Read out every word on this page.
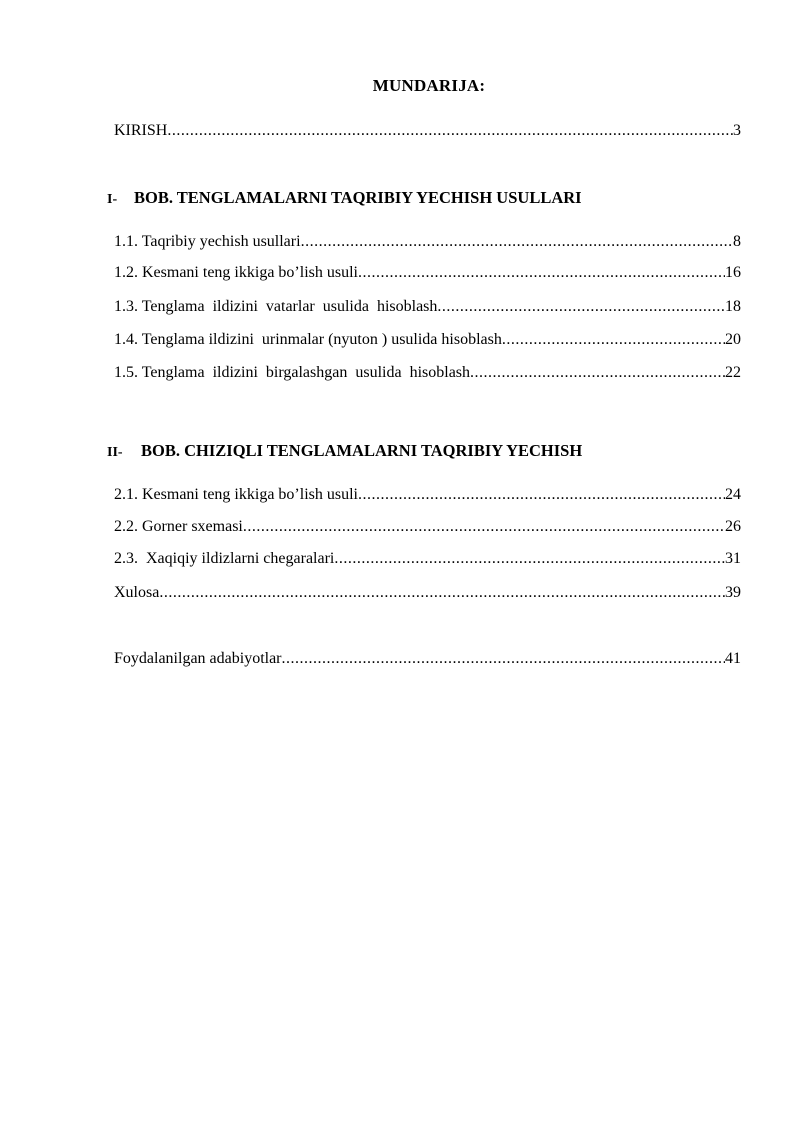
MUNDARIJA:
KIRISH .....	3
I-	BOB. TENGLAMALARNI TAQRIBIY YECHISH USULLARI
1.1. Taqribiy yechish usullari .....	8
1.2. Kesmani teng ikkiga bo’lish usuli .....	16
1.3. Tenglama  ildizini  vatarlar  usulida  hisoblash .....	18
1.4. Tenglama ildizini  urinmalar (nyuton ) usulida hisoblash .....	20
1.5. Tenglama  ildizini  birgalashgan  usulida  hisoblash .....	22
II-	BOB. CHIZIQLI TENGLAMALARNI TAQRIBIY YECHISH
2.1. Kesmani teng ikkiga bo’lish usuli .....	24
2.2. Gorner sxemasi .....	26
2.3.  Xaqiqiy ildizlarni chegaralari .....	31
Xulosa .....	39
Foydalanilgan adabiyotlar .....	41
